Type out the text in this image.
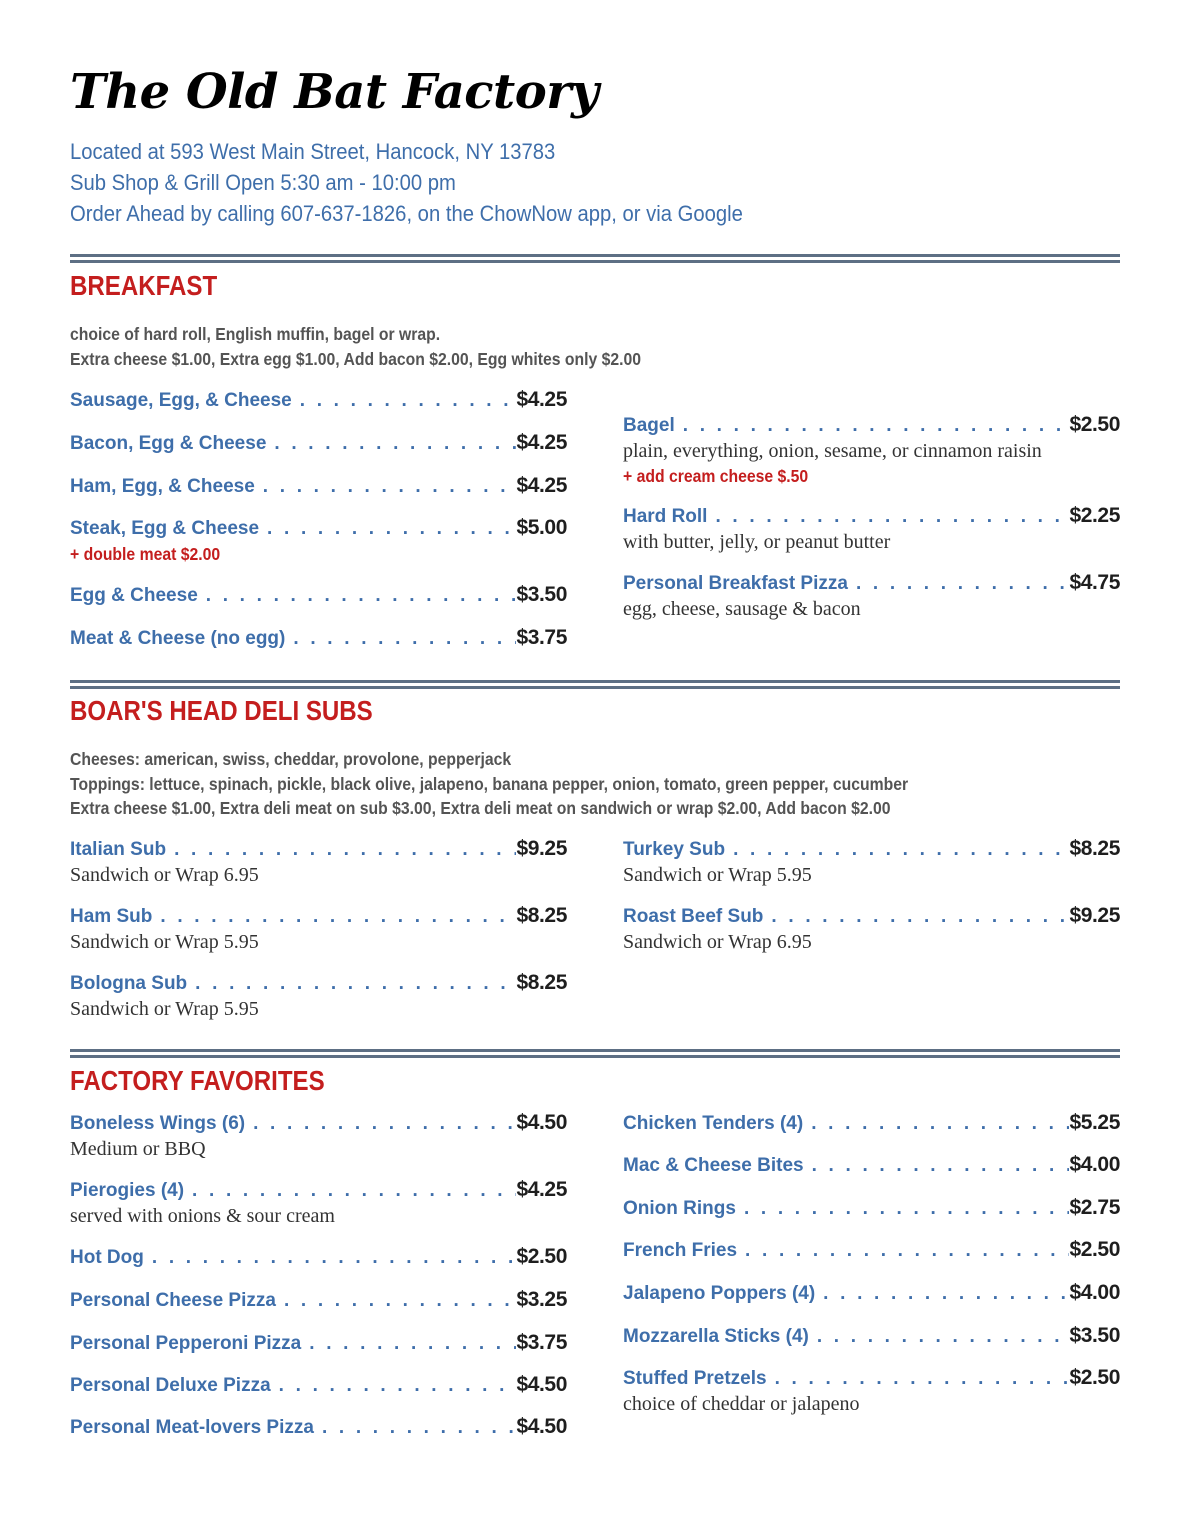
The Old Bat Factory
Located at 593 West Main Street, Hancock, NY 13783
Sub Shop & Grill Open 5:30 am - 10:00 pm
Order Ahead by calling 607-637-1826, on the ChowNow app, or via Google
BREAKFAST
choice of hard roll, English muffin, bagel or wrap.
Extra cheese $1.00, Extra egg $1.00, Add bacon $2.00, Egg whites only $2.00
Sausage, Egg, & Cheese . . .	$4.25
Bacon, Egg & Cheese . . .	$4.25
Ham, Egg, & Cheese . . .	$4.25
Steak, Egg & Cheese . . .	$5.00
+ double meat $2.00
Egg & Cheese . . .	$3.50
Meat & Cheese (no egg) . . .	$3.75
Bagel . . .	$2.50
plain, everything, onion, sesame, or cinnamon raisin
+ add cream cheese $.50
Hard Roll . . .	$2.25
with butter, jelly, or peanut butter
Personal Breakfast Pizza . . .	$4.75
egg, cheese, sausage & bacon
BOAR'S HEAD DELI SUBS
Cheeses: american, swiss, cheddar, provolone, pepperjack
Toppings: lettuce, spinach, pickle, black olive, jalapeno, banana pepper, onion, tomato, green pepper, cucumber
Extra cheese $1.00, Extra deli meat on sub $3.00, Extra deli meat on sandwich or wrap $2.00, Add bacon $2.00
Italian Sub . . .	$9.25
Sandwich or Wrap 6.95
Ham Sub . . .	$8.25
Sandwich or Wrap 5.95
Bologna Sub . . .	$8.25
Sandwich or Wrap 5.95
Turkey Sub . . .	$8.25
Sandwich or Wrap 5.95
Roast Beef Sub . . .	$9.25
Sandwich or Wrap 6.95
FACTORY FAVORITES
Boneless Wings (6) . . .	$4.50
Medium or BBQ
Pierogies (4) . . .	$4.25
served with onions & sour cream
Hot Dog . . .	$2.50
Personal Cheese Pizza . . .	$3.25
Personal Pepperoni Pizza . . .	$3.75
Personal Deluxe Pizza . . .	$4.50
Personal Meat-lovers Pizza . . .	$4.50
Chicken Tenders (4) . . .	$5.25
Mac & Cheese Bites . . .	$4.00
Onion Rings . . .	$2.75
French Fries . . .	$2.50
Jalapeno Poppers (4) . . .	$4.00
Mozzarella Sticks (4) . . .	$3.50
Stuffed Pretzels . . .	$2.50
choice of cheddar or jalapeno
